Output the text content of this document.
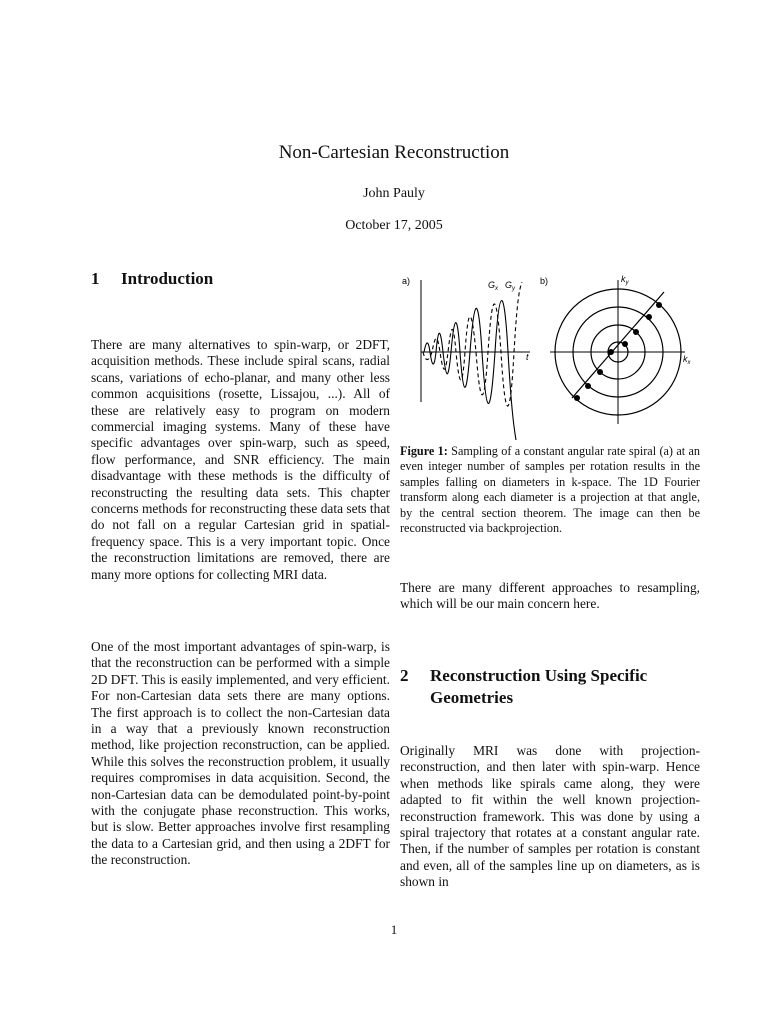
Non-Cartesian Reconstruction
John Pauly
October 17, 2005
1 Introduction

There are many alternatives to spin-warp, or 2DFT, acquisition methods. These include spiral scans, radial scans, variations of echo-planar, and many other less common acquisitions (rosette, Lissajou, ...). All of these are relatively easy to program on modern commercial imaging systems. Many of these have specific advantages over spin-warp, such as speed, flow performance, and SNR efficiency. The main disadvantage with these methods is the difficulty of reconstructing the resulting data sets. This chapter concerns methods for reconstructing these data sets that do not fall on a regular Cartesian grid in spatial-frequency space. This is a very important topic. Once the reconstruction limitations are removed, there are many more options for collecting MRI data.

One of the most important advantages of spin-warp, is that the reconstruction can be performed with a simple 2D DFT. This is easily implemented, and very efficient. For non-Cartesian data sets there are many options. The first approach is to collect the non-Cartesian data in a way that a previously known reconstruction method, like projection reconstruction, can be applied. While this solves the reconstruction problem, it usually requires compromises in data acquisition. Second, the non-Cartesian data can be demodulated point-by-point with the conjugate phase reconstruction. This works, but is slow. Better approaches involve first resampling the data to a Cartesian grid, and then using a 2DFT for the reconstruction.

a)	b)
t
$G_x$ $G_y$
$k_x$
$k_y$

Figure 1: Sampling of a constant angular rate spiral (a) at an even integer number of samples per rotation results in the samples falling on diameters in k-space. The 1D Fourier transform along each diameter is a projection at that angle, by the central section theorem. The image can then be reconstructed via backprojection.

There are many different approaches to resampling, which will be our main concern here.

2 Reconstruction Using Specific
Geometries

Originally MRI was done with projection-reconstruction, and then later with spin-warp. Hence when methods like spirals came along, they were adapted to fit within the well known projection-reconstruction framework. This was done by using a spiral trajectory that rotates at a constant angular rate. Then, if the number of samples per rotation is constant and even, all of the samples line up on diameters, as is shown in

1
